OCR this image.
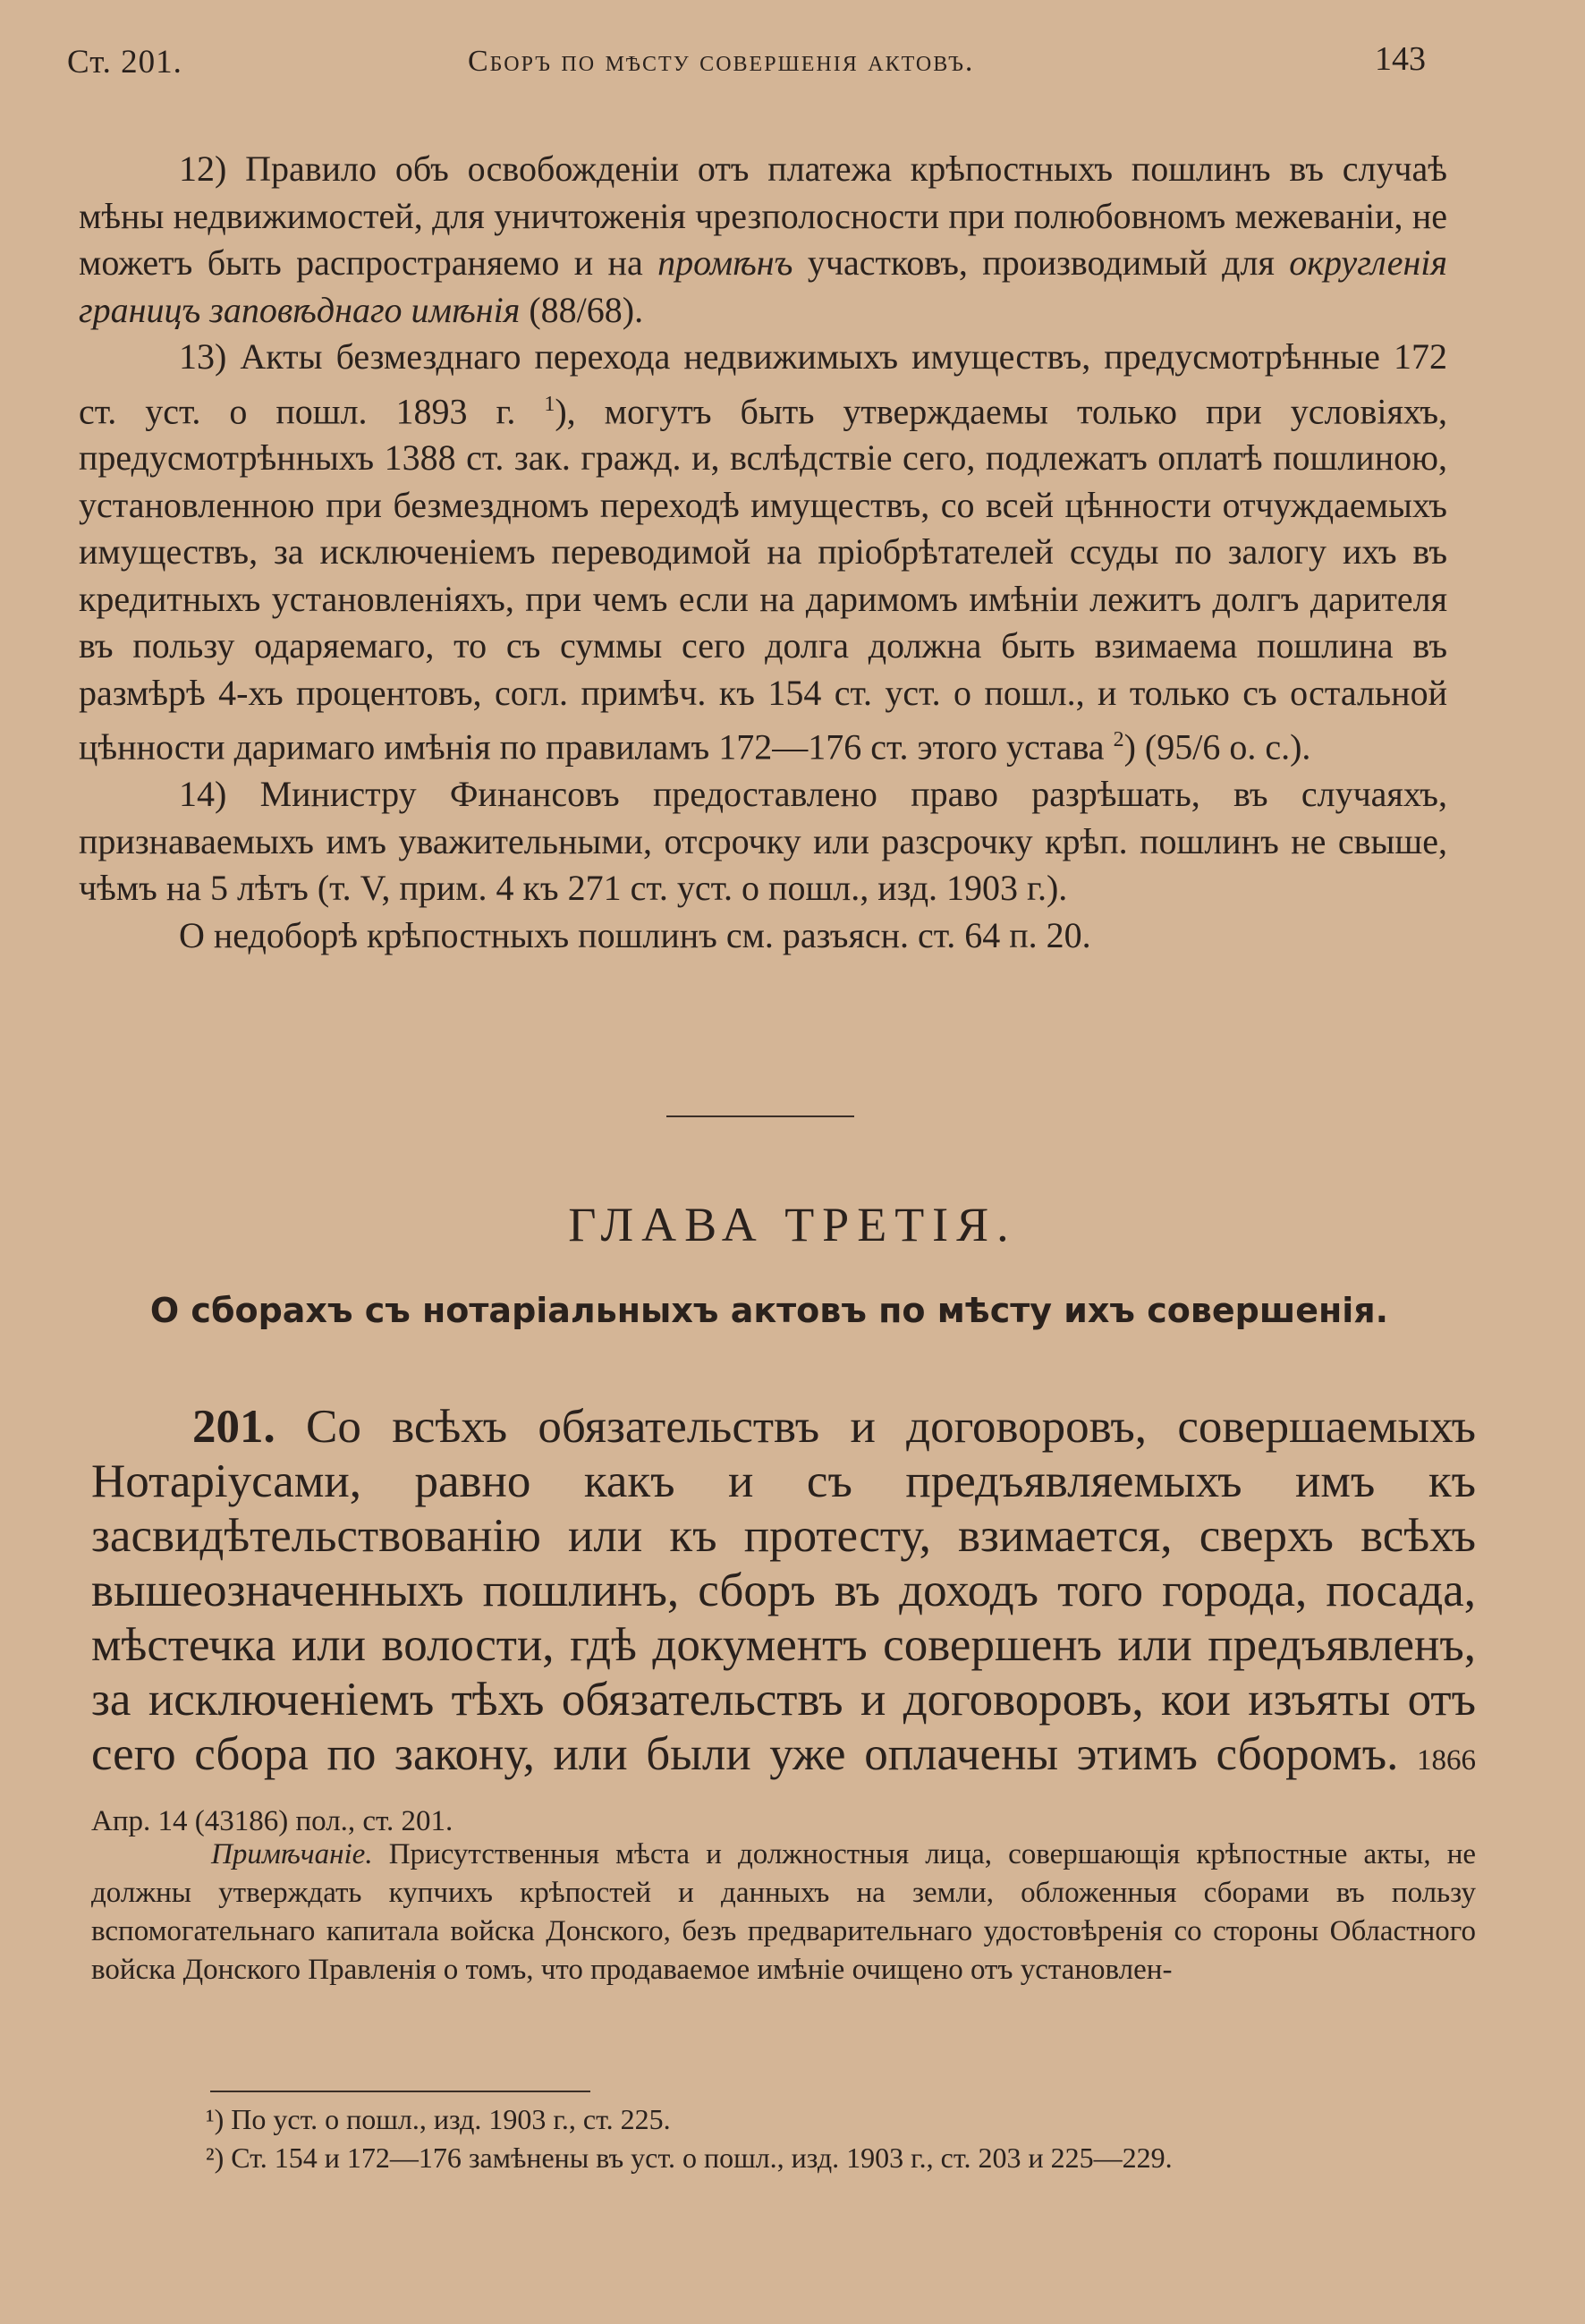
Ст. 201.	Сборъ по мѣсту совершенія актовъ.	143

12) Правило объ освобожденіи отъ платежа крѣпостныхъ пошлинъ въ случаѣ мѣны недвижимостей, для уничтоженія чрезполосности при полюбовномъ межеваніи, не можетъ быть распространяемо и на промѣнъ участковъ, производимый для округленія границъ заповѣднаго имѣнія (88/68).

13) Акты безмезднаго перехода недвижимыхъ имуществъ, предусмотрѣнные 172 ст. уст. о пошл. 1893 г. $^1$), могутъ быть утверждаемы только при условіяхъ, предусмотрѣнныхъ 1388 ст. зак. гражд. и, вслѣдствіе сего, подлежатъ оплатѣ пошлиною, установленною при безмездномъ переходѣ имуществъ, со всей цѣнности отчуждаемыхъ имуществъ, за исключеніемъ переводимой на пріобрѣтателей ссуды по залогу ихъ въ кредитныхъ установленіяхъ, при чемъ если на даримомъ имѣніи лежитъ долгъ дарителя въ пользу одаряемаго, то съ суммы сего долга должна быть взимаема пошлина въ размѣрѣ 4-хъ процентовъ, согл. примѣч. къ 154 ст. уст. о пошл., и только съ остальной цѣнности даримаго имѣнія по правиламъ 172—176 ст. этого устава $^2$) (95/6 о. с.).

14) Министру Финансовъ предоставлено право разрѣшать, въ случаяхъ, признаваемыхъ имъ уважительными, отсрочку или разсрочку крѣп. пошлинъ не свыше, чѣмъ на 5 лѣтъ (т. V, прим. 4 къ 271 ст. уст. о пошл., изд. 1903 г.).

О недоборѣ крѣпостныхъ пошлинъ см. разъясн. ст. 64 п. 20.

ГЛАВА ТРЕТІЯ.
О сборахъ съ нотаріальныхъ актовъ по мѣсту ихъ совершенія.
201. Со всѣхъ обязательствъ и договоровъ, совершаемыхъ Нотаріусами, равно какъ и съ предъявляемыхъ имъ къ засвидѣтельствованію или къ протесту, взимается, сверхъ всѣхъ вышеозначенныхъ пошлинъ, сборъ въ доходъ того города, посада, мѣстечка или волости, гдѣ документъ совершенъ или предъявленъ, за исключеніемъ тѣхъ обязательствъ и договоровъ, кои изъяты отъ сего сбора по закону, или были уже оплачены этимъ сборомъ. 1866 Апр. 14 (43186) пол., ст. 201.
Примѣчаніе. Присутственныя мѣста и должностныя лица, совершающія крѣпостные акты, не должны утверждать купчихъ крѣпостей и данныхъ на земли, обложенныя сборами въ пользу вспомогательнаго капитала войска Донского, безъ предварительнаго удостовѣренія со стороны Областного войска Донского Правленія о томъ, что продаваемое имѣніе очищено отъ установлен-
¹) По уст. о пошл., изд. 1903 г., ст. 225.
²) Ст. 154 и 172—176 замѣнены въ уст. о пошл., изд. 1903 г., ст. 203 и 225—229.
